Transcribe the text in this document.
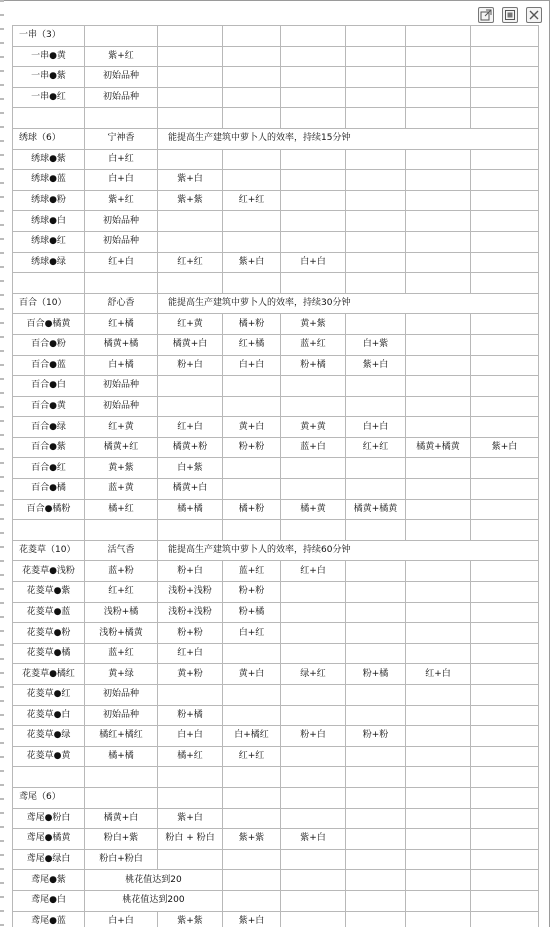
一串（3）							
一串●黄	紫+红						
一串●紫	初始品种						
一串●红	初始品种						

绣球（6）	宁神香	能提高生产建筑中萝卜人的效率，持续15分钟					
绣球●紫	白+红						
绣球●蓝	白+白	紫+白					
绣球●粉	紫+红	紫+紫	红+红				
绣球●白	初始品种						
绣球●红	初始品种						
绣球●绿	红+白	红+红	紫+白	白+白			

百合（10）	舒心香	能提高生产建筑中萝卜人的效率，持续30分钟					
百合●橘黄	红+橘	红+黄	橘+粉	黄+紫			
百合●粉	橘黄+橘	橘黄+白	红+橘	蓝+红	白+紫		
百合●蓝	白+橘	粉+白	白+白	粉+橘	紫+白		
百合●白	初始品种						
百合●黄	初始品种						
百合●绿	红+黄	红+白	黄+白	黄+黄	白+白		
百合●紫	橘黄+红	橘黄+粉	粉+粉	蓝+白	红+红	橘黄+橘黄	紫+白
百合●红	黄+紫	白+紫					
百合●橘	蓝+黄	橘黄+白					
百合●橘粉	橘+红	橘+橘	橘+粉	橘+黄	橘黄+橘黄		

花菱草（10）	活气香	能提高生产建筑中萝卜人的效率，持续60分钟					
花菱草●浅粉	蓝+粉	粉+白	蓝+红	红+白			
花菱草●紫	红+红	浅粉+浅粉	粉+粉				
花菱草●蓝	浅粉+橘	浅粉+浅粉	粉+橘				
花菱草●粉	浅粉+橘黄	粉+粉	白+红				
花菱草●橘	蓝+红	红+白					
花菱草●橘红	黄+绿	黄+粉	黄+白	绿+红	粉+橘	红+白	
花菱草●红	初始品种						
花菱草●白	初始品种	粉+橘					
花菱草●绿	橘红+橘红	白+白	白+橘红	粉+白	粉+粉		
花菱草●黄	橘+橘	橘+红	红+红				

鸢尾（6）							
鸢尾●粉白	橘黄+白	紫+白					
鸢尾●橘黄	粉白+紫	粉白 + 粉白	紫+紫	紫+白			
鸢尾●绿白	粉白+粉白						
鸢尾●紫	桃花值达到20						
鸢尾●白	桃花值达到200						
鸢尾●蓝	白+白	紫+紫	紫+白				
